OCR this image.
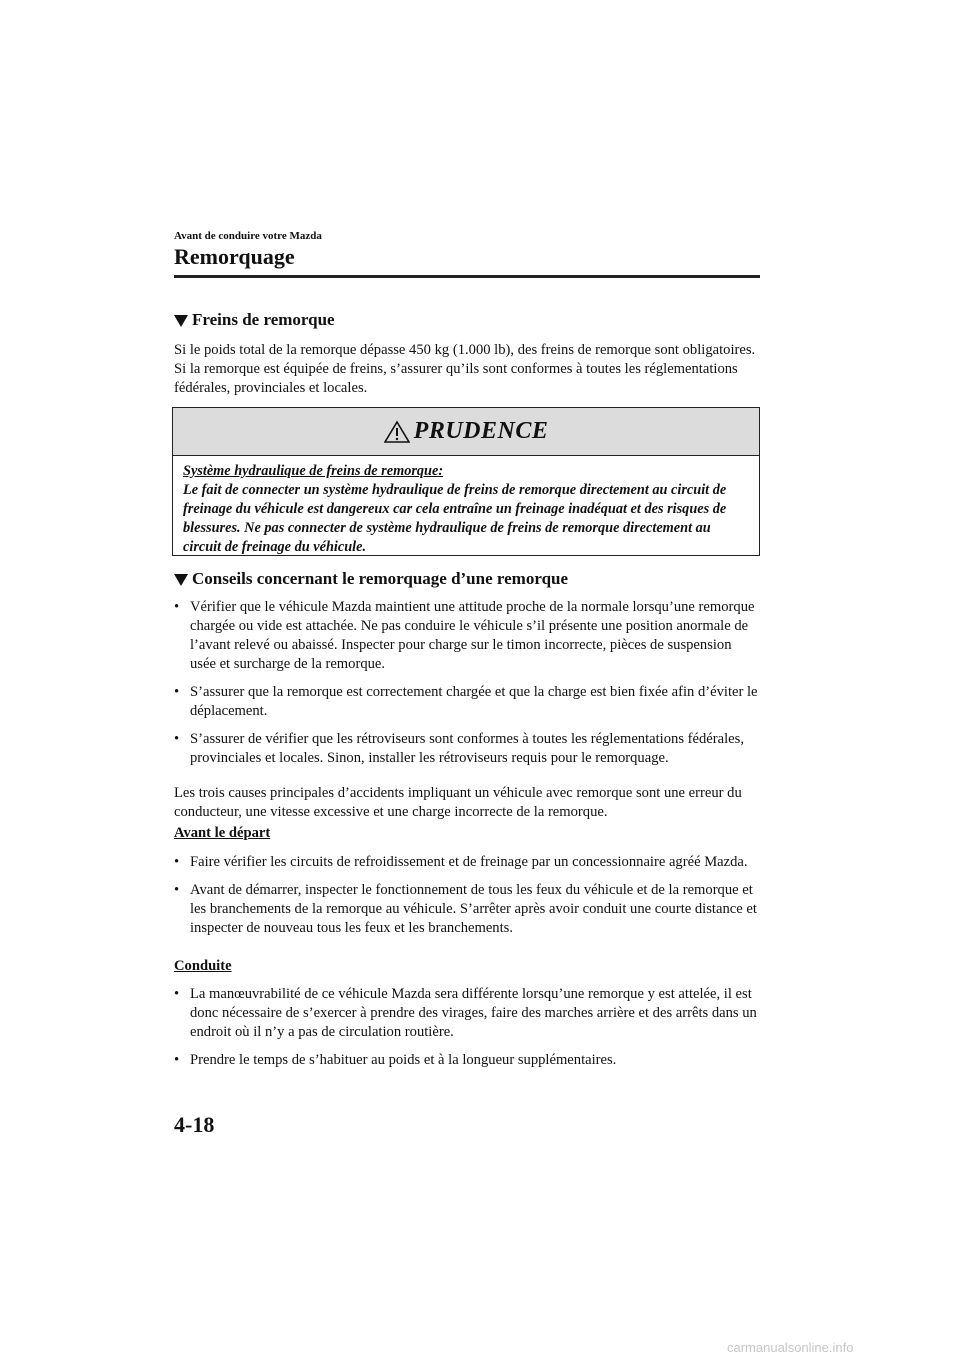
Avant de conduire votre Mazda
Remorquage
Freins de remorque
Si le poids total de la remorque dépasse 450 kg (1.000 lb), des freins de remorque sont obligatoires. Si la remorque est équipée de freins, s’assurer qu’ils sont conformes à toutes les réglementations fédérales, provinciales et locales.
PRUDENCE
Système hydraulique de freins de remorque:
Le fait de connecter un système hydraulique de freins de remorque directement au circuit de freinage du véhicule est dangereux car cela entraîne un freinage inadéquat et des risques de blessures. Ne pas connecter de système hydraulique de freins de remorque directement au circuit de freinage du véhicule.
Conseils concernant le remorquage d’une remorque
• Vérifier que le véhicule Mazda maintient une attitude proche de la normale lorsqu’une remorque chargée ou vide est attachée. Ne pas conduire le véhicule s’il présente une position anormale de l’avant relevé ou abaissé. Inspecter pour charge sur le timon incorrecte, pièces de suspension usée et surcharge de la remorque.
• S’assurer que la remorque est correctement chargée et que la charge est bien fixée afin d’éviter le déplacement.
• S’assurer de vérifier que les rétroviseurs sont conformes à toutes les réglementations fédérales, provinciales et locales. Sinon, installer les rétroviseurs requis pour le remorquage.
Les trois causes principales d’accidents impliquant un véhicule avec remorque sont une erreur du conducteur, une vitesse excessive et une charge incorrecte de la remorque.
Avant le départ
• Faire vérifier les circuits de refroidissement et de freinage par un concessionnaire agréé Mazda.
• Avant de démarrer, inspecter le fonctionnement de tous les feux du véhicule et de la remorque et les branchements de la remorque au véhicule. S’arrêter après avoir conduit une courte distance et inspecter de nouveau tous les feux et les branchements.
Conduite
• La manœuvrabilité de ce véhicule Mazda sera différente lorsqu’une remorque y est attelée, il est donc nécessaire de s’exercer à prendre des virages, faire des marches arrière et des arrêts dans un endroit où il n’y a pas de circulation routière.
• Prendre le temps de s’habituer au poids et à la longueur supplémentaires.
4-18
carmanualsonline.info
